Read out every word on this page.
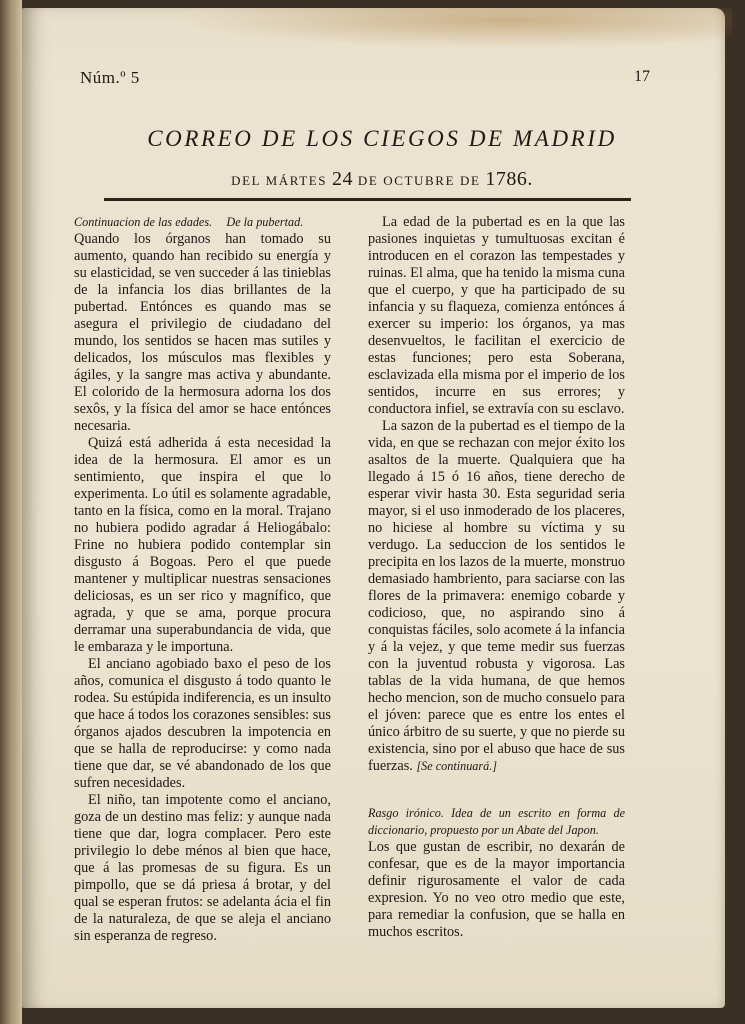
Núm.º 5	17
CORREO DE LOS CIEGOS DE MADRID
DEL MÁRTES 24 DE OCTUBRE DE 1786.

Continuacion de las edades. De la pubertad.

Quando los órganos han tomado su aumento, quando han recibido su energía y su elasticidad, se ven succeder á las tinieblas de la infancia los dias brillantes de la pubertad. Entónces es quando mas se asegura el privilegio de ciudadano del mundo, los sentidos se hacen mas sutiles y delicados, los músculos mas flexibles y ágiles, y la sangre mas activa y abundante. El colorido de la hermosura adorna los dos sexôs, y la física del amor se hace entónces necesaria.

Quizá está adherida á esta necesidad la idea de la hermosura. El amor es un sentimiento, que inspira el que lo experimenta. Lo útil es solamente agradable, tanto en la física, como en la moral. Trajano no hubiera podido agradar á Heliogábalo: Frine no hubiera podido contemplar sin disgusto á Bogoas. Pero el que puede mantener y multiplicar nuestras sensaciones deliciosas, es un ser rico y magnífico, que agrada, y que se ama, porque procura derramar una superabundancia de vida, que le embaraza y le importuna.

El anciano agobiado baxo el peso de los años, comunica el disgusto á todo quanto le rodea. Su estúpida indiferencia, es un insulto que hace á todos los corazones sensibles: sus órganos ajados descubren la impotencia en que se halla de reproducirse: y como nada tiene que dar, se vé abandonado de los que sufren necesidades.

El niño, tan impotente como el anciano, goza de un destino mas feliz: y aunque nada tiene que dar, logra complacer. Pero este privilegio lo debe ménos al bien que hace, que á las promesas de su figura. Es un pimpollo, que se dá priesa á brotar, y del qual se esperan frutos: se adelanta ácia el fin de la naturaleza, de que se aleja el anciano sin esperanza de regreso.

La edad de la pubertad es en la que las pasiones inquietas y tumultuosas excitan é introducen en el corazon las tempestades y ruinas. El alma, que ha tenido la misma cuna que el cuerpo, y que ha participado de su infancia y su flaqueza, comienza entónces á exercer su imperio: los órganos, ya mas desenvueltos, le facilitan el exercicio de estas funciones; pero esta Soberana, esclavizada ella misma por el imperio de los sentidos, incurre en sus errores; y conductora infiel, se extravía con su esclavo.

La sazon de la pubertad es el tiempo de la vida, en que se rechazan con mejor éxito los asaltos de la muerte. Qualquiera que ha llegado á 15 ó 16 años, tiene derecho de esperar vivir hasta 30. Esta seguridad seria mayor, si el uso inmoderado de los placeres, no hiciese al hombre su víctima y su verdugo. La seduccion de los sentidos le precipita en los lazos de la muerte, monstruo demasiado hambriento, para saciarse con las flores de la primavera: enemigo cobarde y codicioso, que, no aspirando sino á conquistas fáciles, solo acomete á la infancia y á la vejez, y que teme medir sus fuerzas con la juventud robusta y vigorosa. Las tablas de la vida humana, de que hemos hecho mencion, son de mucho consuelo para el jóven: parece que es entre los entes el único árbitro de su suerte, y que no pierde su existencia, sino por el abuso que hace de sus fuerzas. [Se continuará.]

Rasgo irónico. Idea de un escrito en forma de diccionario, propuesto por un Abate del Japon.

Los que gustan de escribir, no dexarán de confesar, que es de la mayor importancia definir rigurosamente el valor de cada expresion. Yo no veo otro medio que este, para remediar la confusion, que se halla en muchos escritos.
